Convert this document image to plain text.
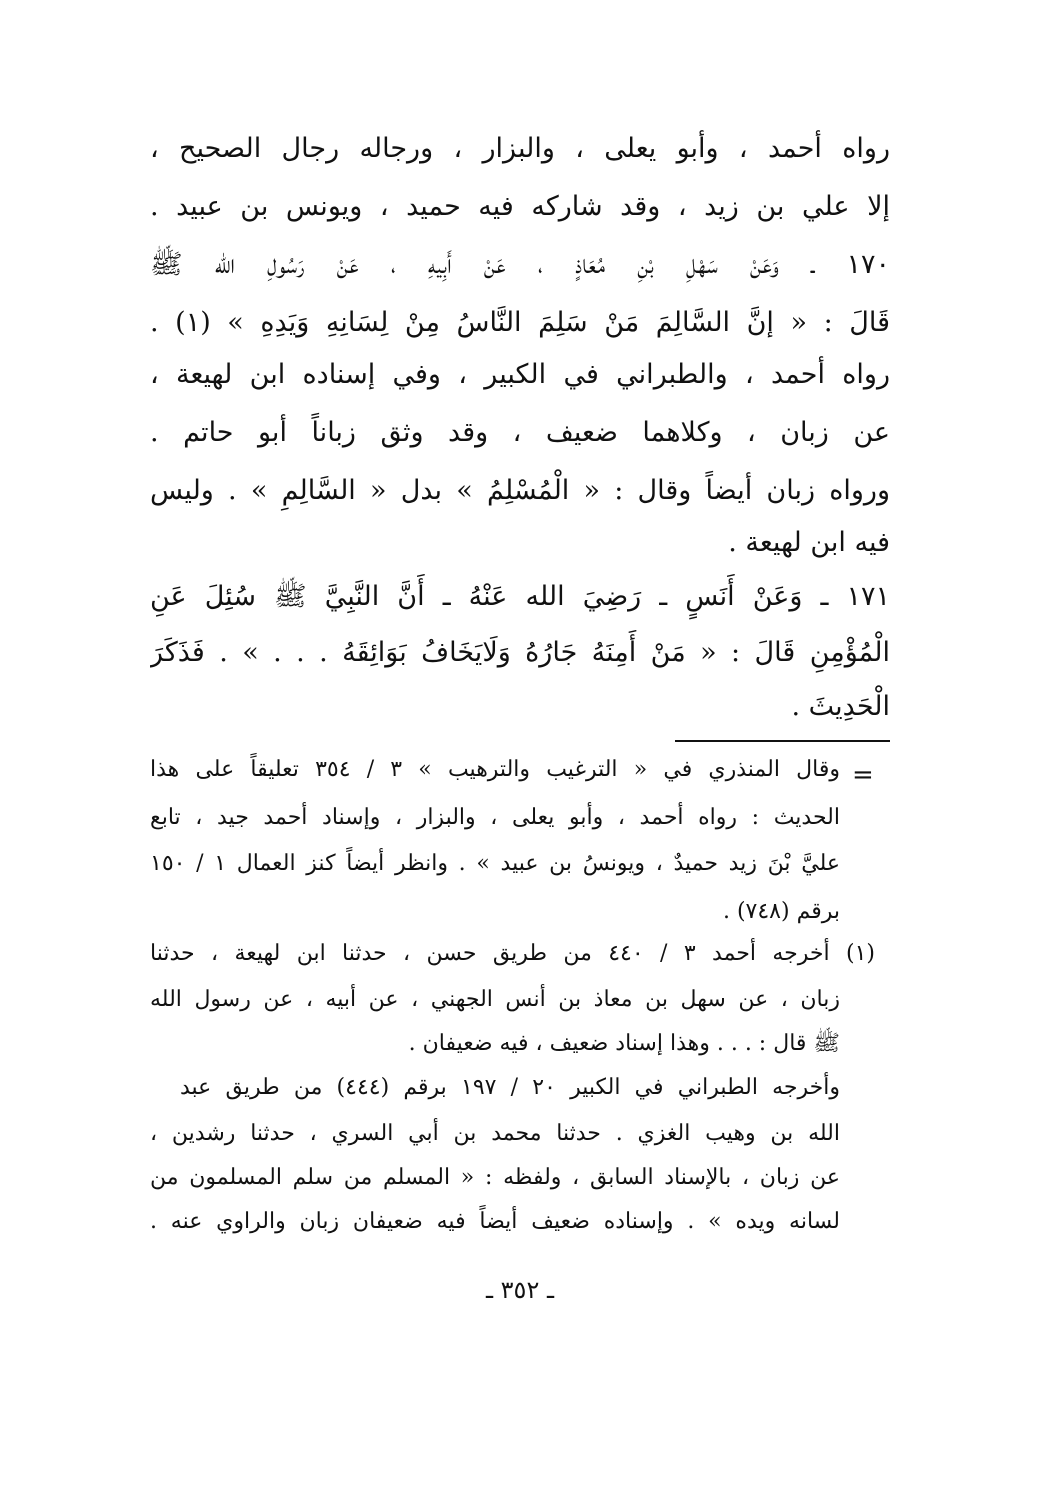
رواه أحمد ، وأبو يعلى ، والبزار ، ورجاله رجال الصحيح ،
إلا علي بن زيد ، وقد شاركه فيه حميد ، ويونس بن عبيد .
١٧٠ ـ وَعَنْ سَهْلِ بْنِ مُعَاذٍ ، عَنْ أَبِيهِ ، عَنْ رَسُولِ الله ﷺ
قَالَ : « إنَّ السَّالِمَ مَنْ سَلِمَ النَّاسُ مِنْ لِسَانِهِ وَيَدِهِ » (١) .
رواه أحمد ، والطبراني في الكبير ، وفي إسناده ابن لهيعة ،
عن زبان ، وكلاهما ضعيف ، وقد وثق زباناً أبو حاتم .
ورواه زبان أيضاً وقال : « الْمُسْلِمُ » بدل « السَّالِمِ » . وليس
فيه ابن لهيعة .
١٧١ ـ وَعَنْ أَنَسٍ ـ رَضِيَ الله عَنْهُ ـ أَنَّ النَّبِيَّ ﷺ سُئِلَ عَنِ
الْمُؤْمِنِ قَالَ : « مَنْ أَمِنَهُ جَارُهُ وَلَايَخَافُ بَوَائِقَهُ . . . » . فَذَكَرَ
الْحَدِيثَ .
=
وقال المنذري في « الترغيب والترهيب » ٣ / ٣٥٤ تعليقاً على هذا
الحديث : رواه أحمد ، وأبو يعلى ، والبزار ، وإسناد أحمد جيد ، تابع
عليَّ بْنَ زيد حميدٌ ، ويونسُ بن عبيد » . وانظر أيضاً كنز العمال ١ / ١٥٠
برقم (٧٤٨) .
(١) أخرجه أحمد ٣ / ٤٤٠ من طريق حسن ، حدثنا ابن لهيعة ، حدثنا
زبان ، عن سهل بن معاذ بن أنس الجهني ، عن أبيه ، عن رسول الله
ﷺ قال : . . . وهذا إسناد ضعيف ، فيه ضعيفان .
وأخرجه الطبراني في الكبير ٢٠ / ١٩٧ برقم (٤٤٤) من طريق عبد
الله بن وهيب الغزي . حدثنا محمد بن أبي السري ، حدثنا رشدين ،
عن زبان ، بالإسناد السابق ، ولفظه : « المسلم من سلم المسلمون من
لسانه ويده » . وإسناده ضعيف أيضاً فيه ضعيفان زبان والراوي عنه .
ـ ٣٥٢ ـ
